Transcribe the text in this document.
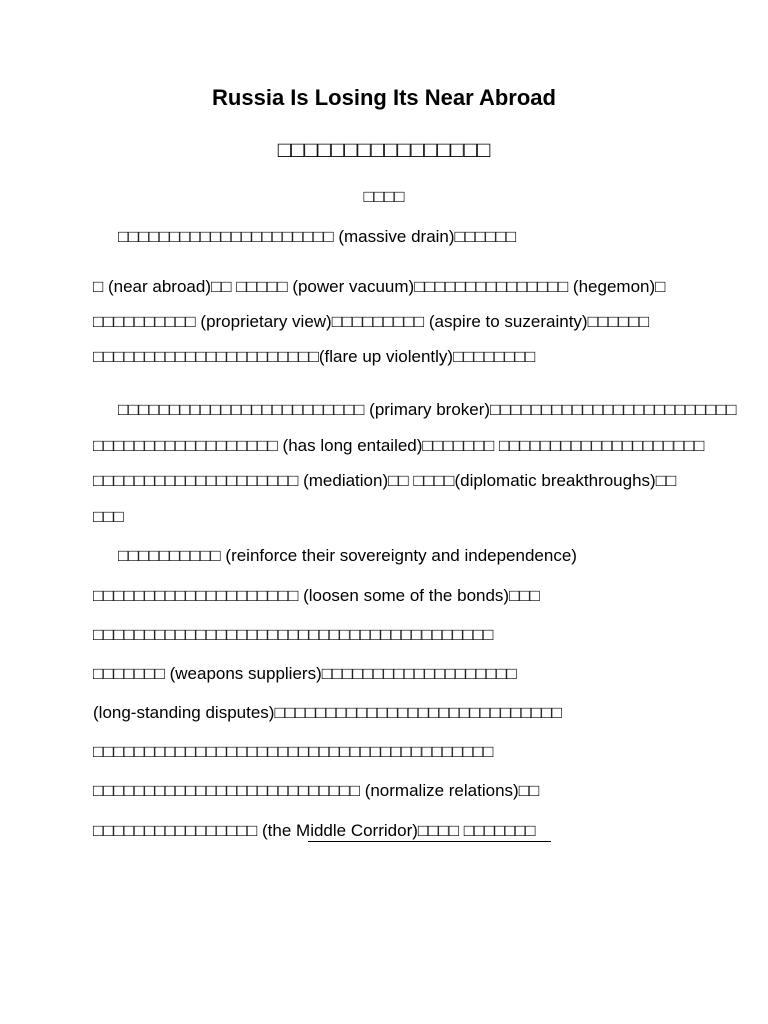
Russia Is Losing Its Near Abroad
□□□□□□□□□□□□□□□□
□□□□
□□□□□□□□□□□□□□□□□□□□□ (massive drain)□□□□□□
□ (near abroad)□□ □□□□□ (power vacuum)□□□□□□□□□□□□□□□ (hegemon)□
□□□□□□□□□□ (proprietary view)□□□□□□□□□ (aspire to suzerainty)□□□□□□
□□□□□□□□□□□□□□□□□□□□□□(flare up violently)□□□□□□□□
□□□□□□□□□□□□□□□□□□□□□□□□ (primary broker)□□□□□□□□□□□□□□□□□□□□□□□□
□□□□□□□□□□□□□□□□□□ (has long entailed)□□□□□□□ □□□□□□□□□□□□□□□□□□□□
□□□□□□□□□□□□□□□□□□□□ (mediation)□□ □□□□(diplomatic breakthroughs)□□
□□□
□□□□□□□□□□ (reinforce their sovereignty and independence)
□□□□□□□□□□□□□□□□□□□□ (loosen some of the bonds)□□□
□□□□□□□□□□□□□□□□□□□□□□□□□□□□□□□□□□□□□□□
□□□□□□□ (weapons suppliers)□□□□□□□□□□□□□□□□□□□
(long-standing disputes)□□□□□□□□□□□□□□□□□□□□□□□□□□□□
□□□□□□□□□□□□□□□□□□□□□□□□□□□□□□□□□□□□□□□
□□□□□□□□□□□□□□□□□□□□□□□□□□ (normalize relations)□□
□□□□□□□□□□□□□□□□ (the Middle Corridor)□□□□ □□□□□□□
